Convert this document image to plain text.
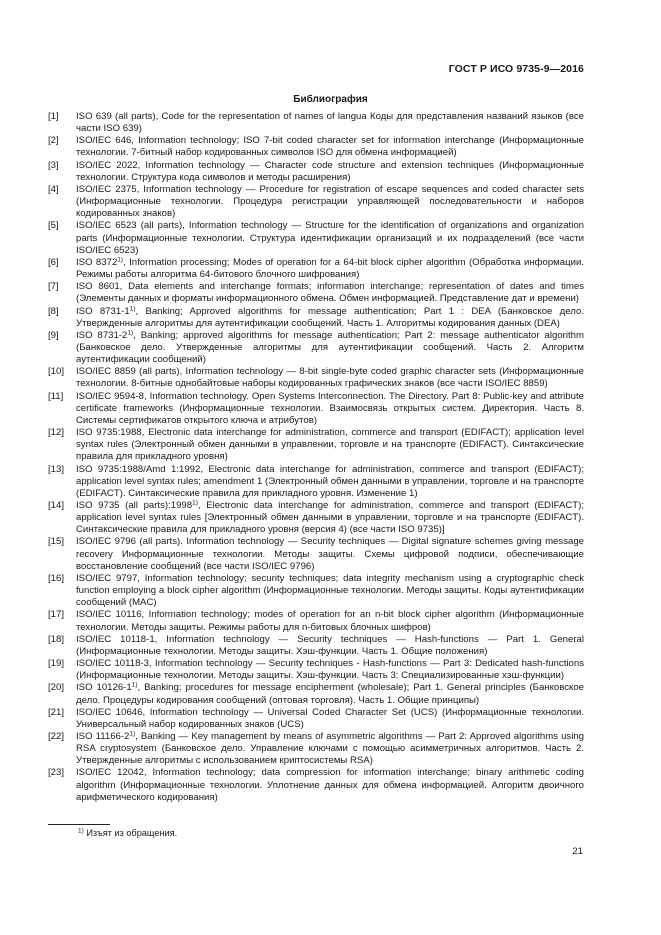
ГОСТ Р ИСО 9735-9—2016
Библиография
[1]	ISO 639 (all parts), Code for the representation of names of langua Коды для представления названий языков (все части ISO 639)
[2]	ISO/IEC 646, Information technology; ISO 7-bit coded character set for information interchange (Информационные технологии. 7-битный набор кодированных символов ISO для обмена информацией)
[3]	ISO/IEC 2022, Information technology — Character code structure and extension techniques (Информационные технологии. Структура кода символов и методы расширения)
[4]	ISO/IEC 2375, Information technology — Procedure for registration of escape sequences and coded character sets (Информационные технологии. Процедура регистрации управляющей последовательности и наборов кодированных знаков)
[5]	ISO/IEC 6523 (all parts), Information technology — Structure for the identification of organizations and organization parts (Информационные технологии. Структура идентификации организаций и их подразделений (все части ISO/IEC 6523)
[6]	ISO 8372$^{1)}$, Information processing; Modes of operation for a 64-bit block cipher algorithm (Обработка информации. Режимы работы алгоритма 64-битового блочного шифрования)
[7]	ISO 8601, Data elements and interchange formats; information interchange; representation of dates and times (Элементы данных и форматы информационного обмена. Обмен информацией. Представление дат и времени)
[8]	ISO 8731-1$^{1)}$, Banking; Approved algorithms for message authentication; Part 1 : DEA (Банковское дело. Утвержденные алгоритмы для аутентификации сообщений. Часть 1. Алгоритмы кодирования данных (DEA)
[9]	ISO 8731-2$^{1)}$, Banking; approved algorithms for message authentication; Part 2: message authenticator algorithm (Банковское дело. Утвержденные алгоритмы для аутентификации сообщений. Часть 2. Алгоритм аутентификации сообщений)
[10]	ISO/IEC 8859 (all parts), Information technology — 8-bit single-byte coded graphic character sets (Информационные технологии. 8-битные однобайтовые наборы кодированных графических знаков (все части ISO/IEC 8859)
[11]	ISO/IEC 9594-8, Information technology. Open Systems Interconnection. The Directory. Part 8: Public-key and attribute certificate frameworks (Информационные технологии. Взаимосвязь открытых систем. Директория. Часть 8. Системы сертификатов открытого ключа и атрибутов)
[12]	ISO 9735:1988, Electronic data interchange for administration, commerce and transport (EDIFACT); application level syntax rules (Электронный обмен данными в управлении, торговле и на транспорте (EDIFACT). Синтаксические правила для прикладного уровня)
[13]	ISO 9735:1988/Amd 1:1992, Electronic data interchange for administration, commerce and transport (EDIFACT); application level syntax rules; amendment 1 (Электронный обмен данными в управлении, торговле и на транспорте (EDIFACT). Синтаксические правила для прикладного уровня. Изменение 1)
[14]	ISO 9735 (all parts):1998$^{1)}$, Electronic data interchange for administration, commerce and transport (EDIFACT); application level syntax rules [Электронный обмен данными в управлении, торговле и на транспорте (EDIFACT). Синтаксические правила для прикладного уровня (версия 4) (все части ISO 9735)]
[15]	ISO/IEC 9796 (all parts). Information technology — Security techniques — Digital signature schemes giving message recovery Информационные технологии. Методы защиты. Схемы цифровой подписи, обеспечивающие восстановление сообщений (все части ISO/IEC 9796)
[16]	ISO/IEC 9797, Information technology; security techniques; data integrity mechanism using a cryptographic check function employing a block cipher algorithm (Информационные технологии. Методы защиты. Коды аутентификации сообщений (MAC)
[17]	ISO/IEC 10116, Information technology; modes of operation for an n-bit block cipher algorithm (Информационные технологии. Методы защиты. Режимы работы для n-битовых блочных шифров)
[18]	ISO/IEC 10118-1, Information technology — Security techniques — Hash-functions — Part 1. General (Информационные технологии. Методы защиты. Хэш-функции. Часть 1. Общие положения)
[19]	ISO/IEC 10118-3, Information technology — Security techniques - Hash-functions — Part 3: Dedicated hash-functions (Информационные технологии. Методы защиты. Хэш-функции. Часть 3: Специализированные хэш-функции)
[20]	ISO 10126-1$^{1)}$, Banking; procedures for message encipherment (wholesale); Part 1. General principles (Банковское дело. Процедуры кодирования сообщений (оптовая торговля). Часть 1. Общие принципы)
[21]	ISO/IEC 10646, Information technology — Universal Coded Character Set (UCS) (Информационные технологии. Универсальный набор кодированных знаков (UCS)
[22]	ISO 11166-2$^{1)}$, Banking — Key management by means of asymmetric algorithms — Part 2: Approved algorithms using RSA cryptosystem (Банковское дело. Управление ключами с помощью асимметричных алгоритмов. Часть 2. Утвержденные алгоритмы с использованием криптосистемы RSA)
[23]	ISO/IEC 12042, Information technology; data compression for information interchange; binary arithmetic coding algorithm (Информационные технологии. Уплотнение данных для обмена информацией. Алгоритм двоичного арифметического кодирования)
$^{1)}$ Изъят из обращения.
21
